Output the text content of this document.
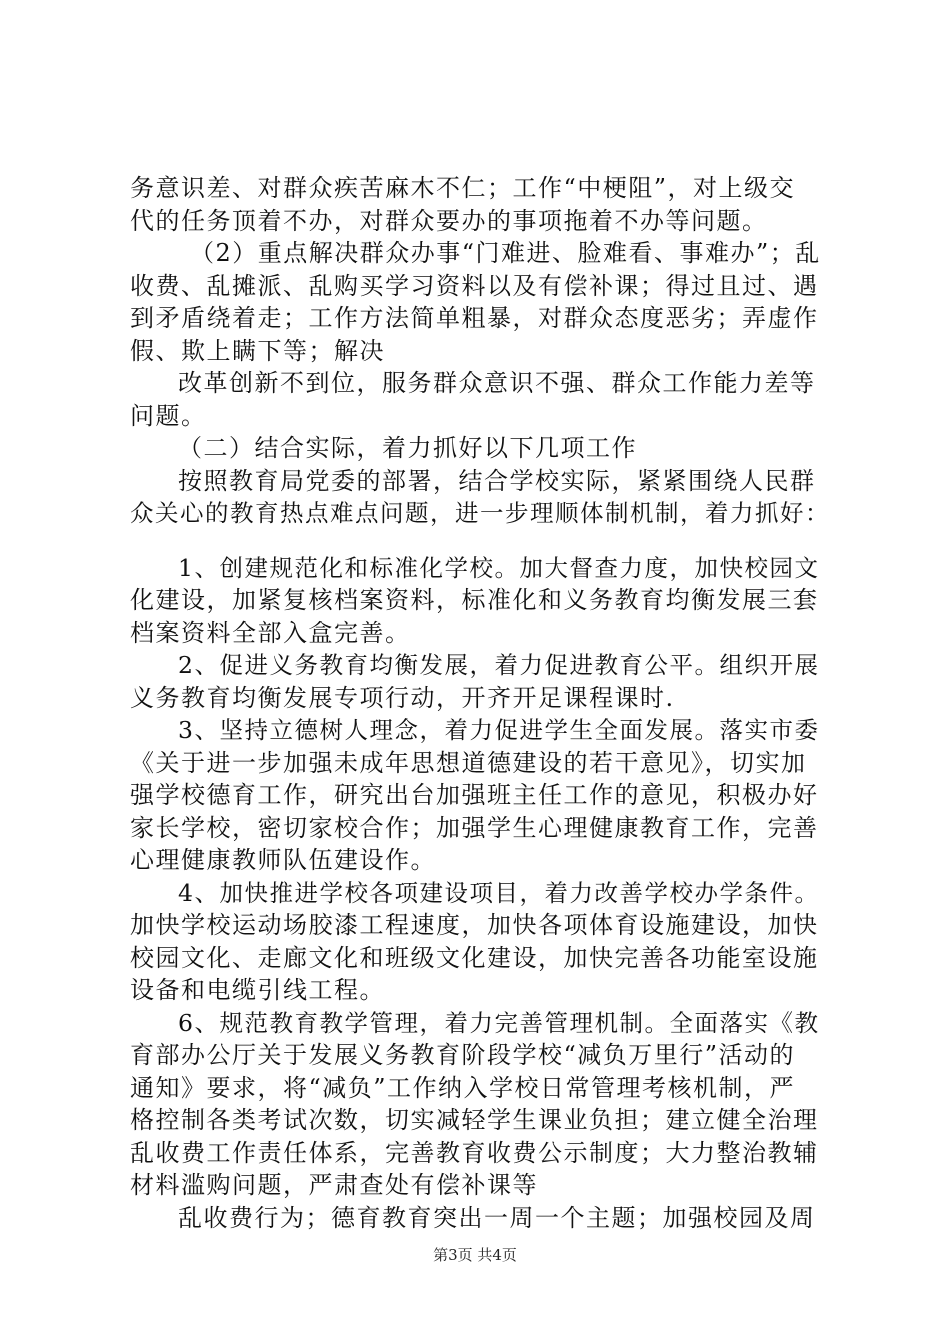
务意识差、对群众疾苦麻木不仁；工作“中梗阻”，对上级交
代的任务顶着不办，对群众要办的事项拖着不办等问题。
（2）重点解决群众办事“门难进、脸难看、事难办”；乱
收费、乱摊派、乱购买学习资料以及有偿补课；得过且过、遇
到矛盾绕着走；工作方法简单粗暴，对群众态度恶劣；弄虚作
假、欺上瞒下等；解决
改革创新不到位，服务群众意识不强、群众工作能力差等
问题。
（二）结合实际，着力抓好以下几项工作
按照教育局党委的部署，结合学校实际，紧紧围绕人民群
众关心的教育热点难点问题，进一步理顺体制机制，着力抓好：
1、创建规范化和标准化学校。加大督查力度，加快校园文
化建设，加紧复核档案资料，标准化和义务教育均衡发展三套
档案资料全部入盒完善。
2、促进义务教育均衡发展，着力促进教育公平。组织开展
义务教育均衡发展专项行动，开齐开足课程课时.
3、坚持立德树人理念，着力促进学生全面发展。落实市委
《关于进一步加强未成年思想道德建设的若干意见》，切实加
强学校德育工作，研究出台加强班主任工作的意见，积极办好
家长学校，密切家校合作；加强学生心理健康教育工作，完善
心理健康教师队伍建设作。
4、加快推进学校各项建设项目，着力改善学校办学条件。
加快学校运动场胶漆工程速度，加快各项体育设施建设，加快
校园文化、走廊文化和班级文化建设，加快完善各功能室设施
设备和电缆引线工程。
6、规范教育教学管理，着力完善管理机制。全面落实《教
育部办公厅关于发展义务教育阶段学校“减负万里行”活动的
通知》要求，将“减负”工作纳入学校日常管理考核机制，严
格控制各类考试次数，切实减轻学生课业负担；建立健全治理
乱收费工作责任体系，完善教育收费公示制度；大力整治教辅
材料滥购问题，严肃查处有偿补课等
乱收费行为；德育教育突出一周一个主题；加强校园及周
第3页 共4页
